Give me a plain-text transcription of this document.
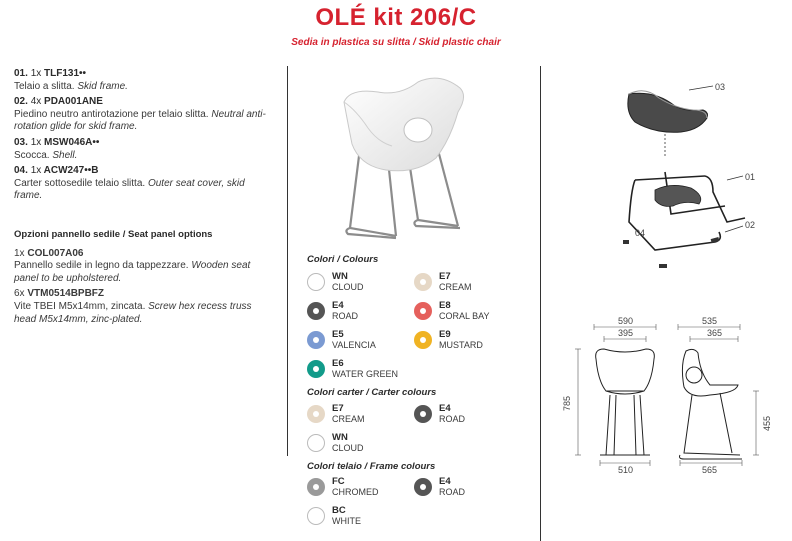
OLÉ kit 206/C
Sedia in plastica su slitta / Skid plastic chair
01. 1x TLF131••
Telaio a slitta. Skid frame.
02. 4x PDA001ANE
Piedino neutro antirotazione per telaio slitta. Neutral anti-rotation glide for skid frame.
03. 1x MSW046A••
Scocca. Shell.
04. 1x ACW247••B
Carter sottosedile telaio slitta. Outer seat cover, skid frame.
Opzioni pannello sedile / Seat panel options
1x COL007A06
Pannello sedile in legno da tappezzare. Wooden seat panel to be upholstered.
6x VTM0514BPBFZ
Vite TBEI M5x14mm, zincata. Screw hex recess truss head M5x14mm, zinc-plated.
Colori / Colours
WN
CLOUD
E7
CREAM
E4
ROAD
E8
CORAL BAY
E5
VALENCIA
E9
MUSTARD
E6
WATER GREEN
Colori carter / Carter colours
E7
CREAM
E4
ROAD
WN
CLOUD
Colori telaio / Frame colours
FC
CHROMED
E4
ROAD
BC
WHITE
03
01
02
04
590
395
535
365
510	565
785
455
